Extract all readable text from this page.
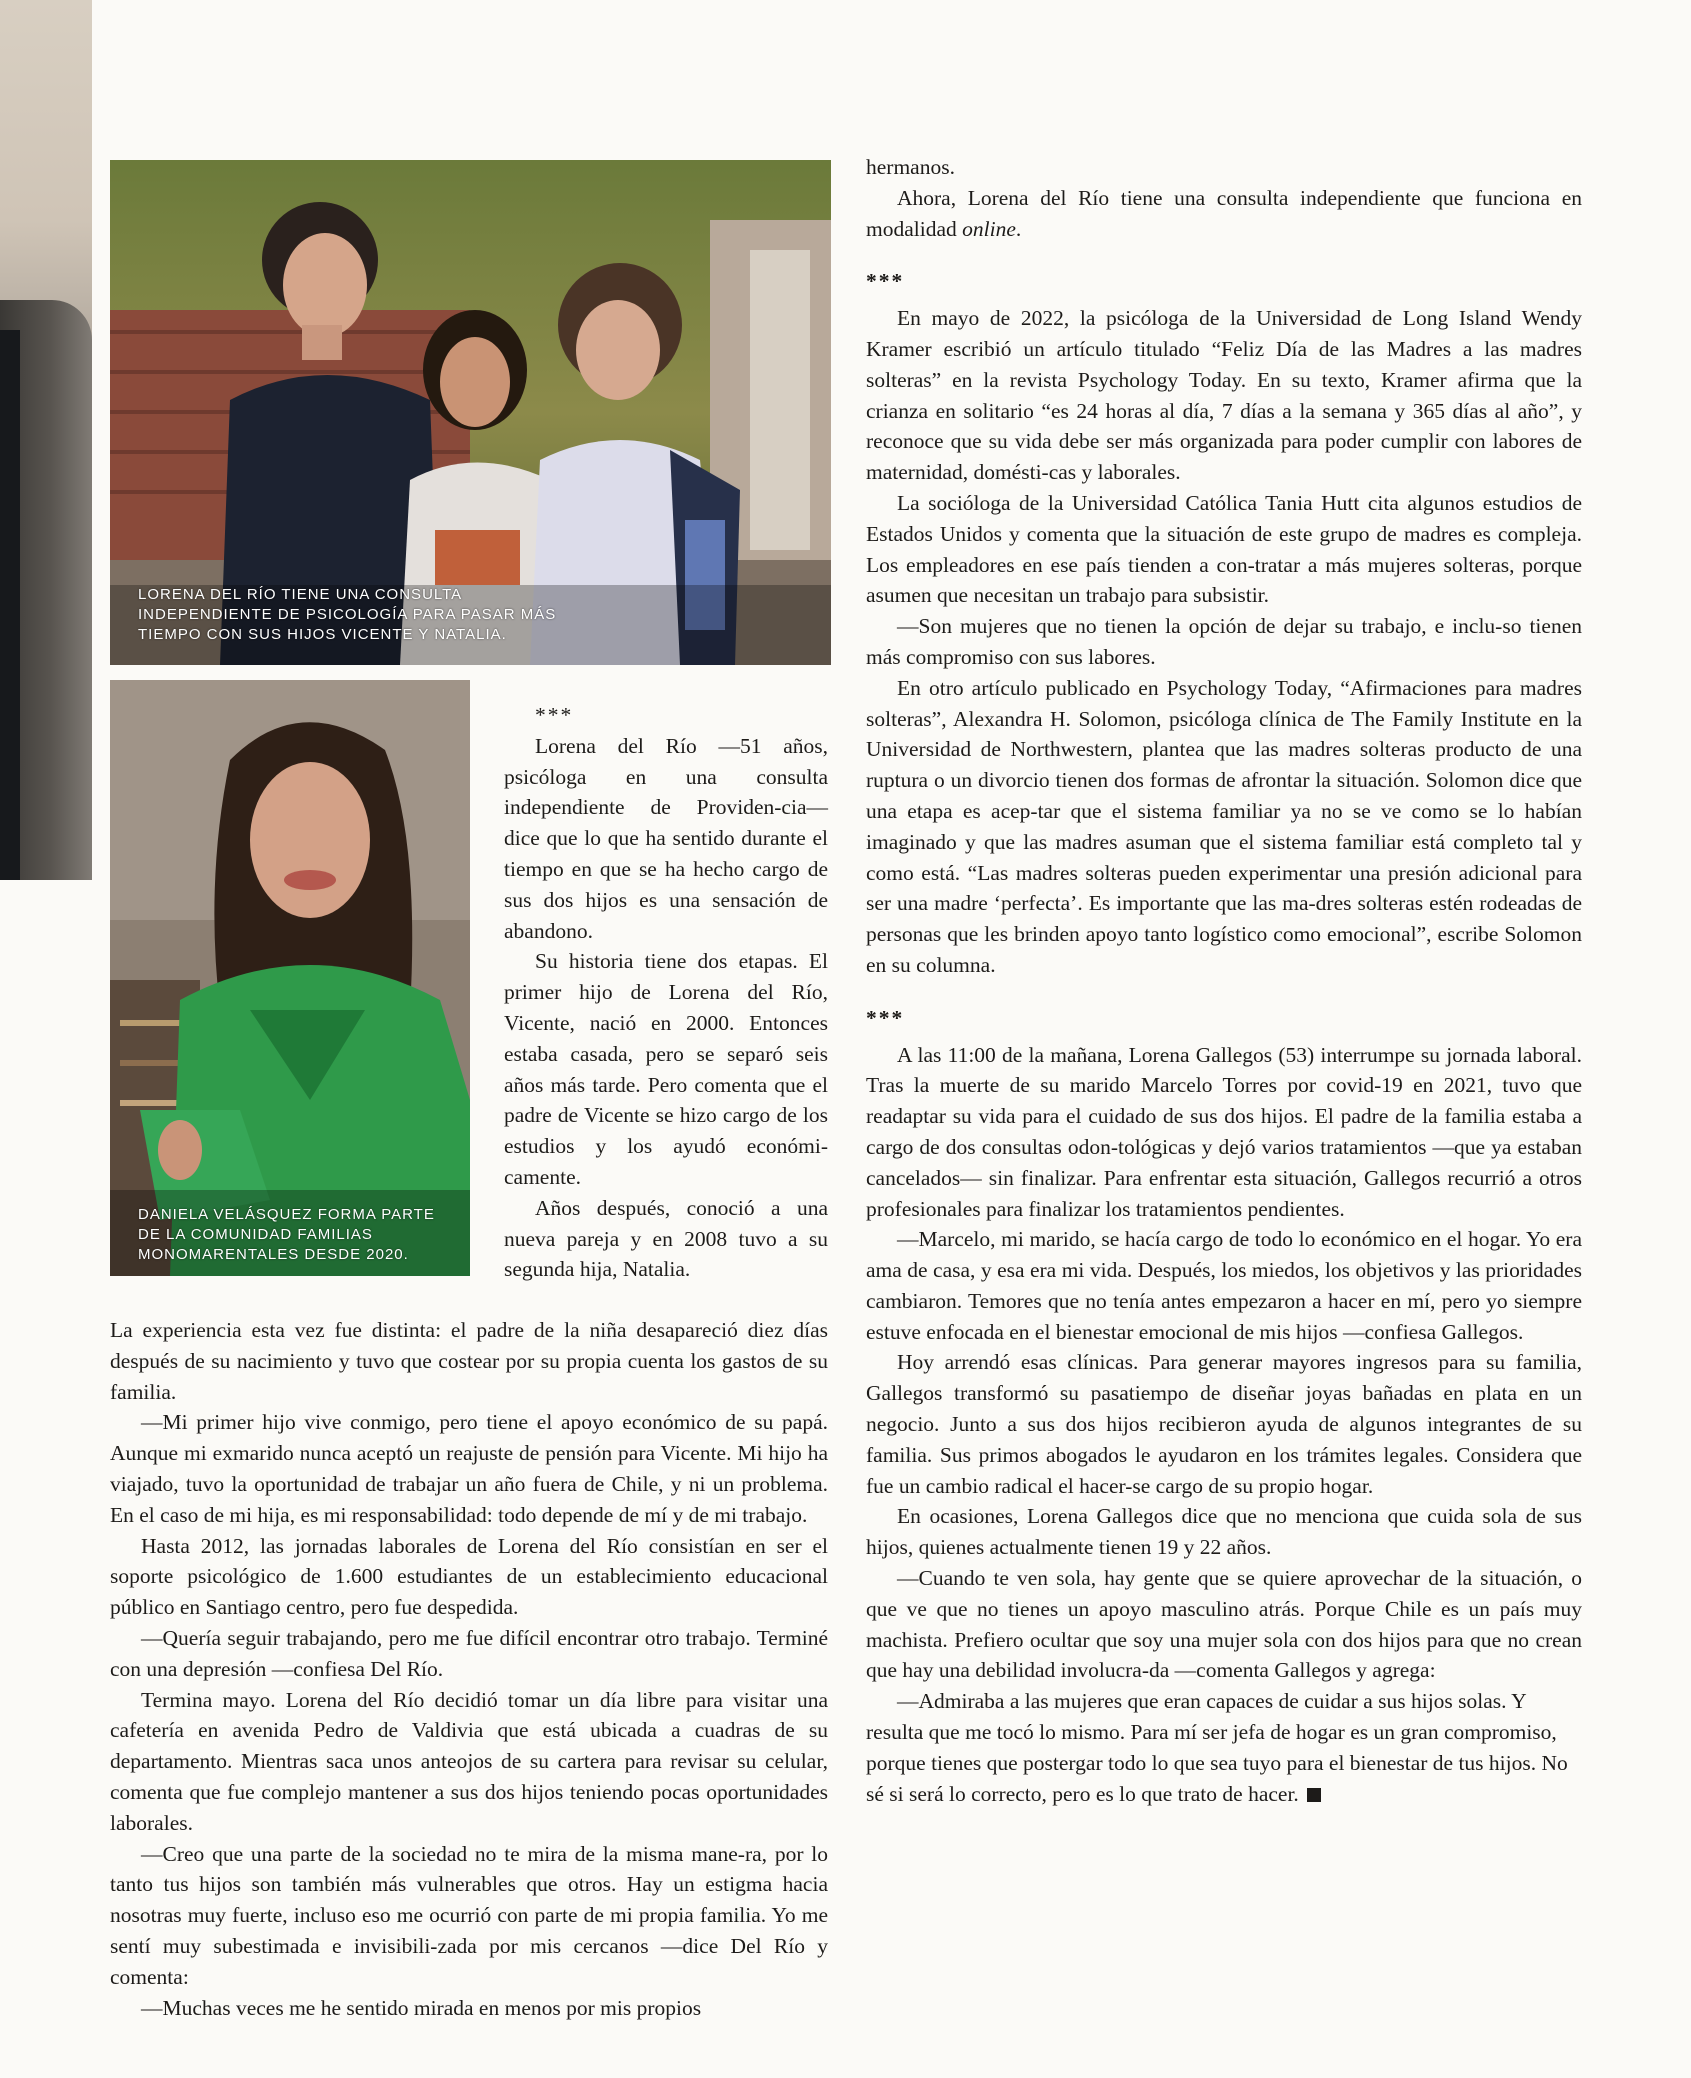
LORENA DEL RÍO TIENE UNA CONSULTA INDEPENDIENTE DE PSICOLOGÍA PARA PASAR MÁS TIEMPO CON SUS HIJOS VICENTE Y NATALIA.
DANIELA VELÁSQUEZ FORMA PARTE DE LA COMUNIDAD FAMILIAS MONOMARENTALES DESDE 2020.
***

Lorena del Río —51 años, psicóloga en una consulta independiente de Providen-cia— dice que lo que ha sentido durante el tiempo en que se ha hecho cargo de sus dos hijos es una sensación de abandono.

Su historia tiene dos etapas. El primer hijo de Lorena del Río, Vicente, nació en 2000. Entonces estaba casada, pero se separó seis años más tarde. Pero comenta que el padre de Vicente se hizo cargo de los estudios y los ayudó económi-camente.

Años después, conoció a una nueva pareja y en 2008 tuvo a su segunda hija, Natalia.

La experiencia esta vez fue distinta: el padre de la niña desapareció diez días después de su nacimiento y tuvo que costear por su propia cuenta los gastos de su familia.

—Mi primer hijo vive conmigo, pero tiene el apoyo económico de su papá. Aunque mi exmarido nunca aceptó un reajuste de pensión para Vicente. Mi hijo ha viajado, tuvo la oportunidad de trabajar un año fuera de Chile, y ni un problema. En el caso de mi hija, es mi responsabilidad: todo depende de mí y de mi trabajo.

Hasta 2012, las jornadas laborales de Lorena del Río consistían en ser el soporte psicológico de 1.600 estudiantes de un establecimiento educacional público en Santiago centro, pero fue despedida.

—Quería seguir trabajando, pero me fue difícil encontrar otro trabajo. Terminé con una depresión —confiesa Del Río.

Termina mayo. Lorena del Río decidió tomar un día libre para visitar una cafetería en avenida Pedro de Valdivia que está ubicada a cuadras de su departamento. Mientras saca unos anteojos de su cartera para revisar su celular, comenta que fue complejo mantener a sus dos hijos teniendo pocas oportunidades laborales.

—Creo que una parte de la sociedad no te mira de la misma mane-ra, por lo tanto tus hijos son también más vulnerables que otros. Hay un estigma hacia nosotras muy fuerte, incluso eso me ocurrió con parte de mi propia familia. Yo me sentí muy subestimada e invisibili-zada por mis cercanos —dice Del Río y comenta:

—Muchas veces me he sentido mirada en menos por mis propios

hermanos.

Ahora, Lorena del Río tiene una consulta independiente que funciona en modalidad online.

***

En mayo de 2022, la psicóloga de la Universidad de Long Island Wendy Kramer escribió un artículo titulado “Feliz Día de las Madres a las madres solteras” en la revista Psychology Today. En su texto, Kramer afirma que la crianza en solitario “es 24 horas al día, 7 días a la semana y 365 días al año”, y reconoce que su vida debe ser más organizada para poder cumplir con labores de maternidad, domésti-cas y laborales.

La socióloga de la Universidad Católica Tania Hutt cita algunos estudios de Estados Unidos y comenta que la situación de este grupo de madres es compleja. Los empleadores en ese país tienden a con-tratar a más mujeres solteras, porque asumen que necesitan un trabajo para subsistir.

—Son mujeres que no tienen la opción de dejar su trabajo, e inclu-so tienen más compromiso con sus labores.

En otro artículo publicado en Psychology Today, “Afirmaciones para madres solteras”, Alexandra H. Solomon, psicóloga clínica de The Family Institute en la Universidad de Northwestern, plantea que las madres solteras producto de una ruptura o un divorcio tienen dos formas de afrontar la situación. Solomon dice que una etapa es acep-tar que el sistema familiar ya no se ve como se lo habían imaginado y que las madres asuman que el sistema familiar está completo tal y como está. “Las madres solteras pueden experimentar una presión adicional para ser una madre ‘perfecta’. Es importante que las ma-dres solteras estén rodeadas de personas que les brinden apoyo tanto logístico como emocional”, escribe Solomon en su columna.

***

A las 11:00 de la mañana, Lorena Gallegos (53) interrumpe su jornada laboral. Tras la muerte de su marido Marcelo Torres por covid-19 en 2021, tuvo que readaptar su vida para el cuidado de sus dos hijos. El padre de la familia estaba a cargo de dos consultas odon-tológicas y dejó varios tratamientos —que ya estaban cancelados— sin finalizar. Para enfrentar esta situación, Gallegos recurrió a otros profesionales para finalizar los tratamientos pendientes.

—Marcelo, mi marido, se hacía cargo de todo lo económico en el hogar. Yo era ama de casa, y esa era mi vida. Después, los miedos, los objetivos y las prioridades cambiaron. Temores que no tenía antes empezaron a hacer en mí, pero yo siempre estuve enfocada en el bienestar emocional de mis hijos —confiesa Gallegos.

Hoy arrendó esas clínicas. Para generar mayores ingresos para su familia, Gallegos transformó su pasatiempo de diseñar joyas bañadas en plata en un negocio. Junto a sus dos hijos recibieron ayuda de algunos integrantes de su familia. Sus primos abogados le ayudaron en los trámites legales. Considera que fue un cambio radical el hacer-se cargo de su propio hogar.

En ocasiones, Lorena Gallegos dice que no menciona que cuida sola de sus hijos, quienes actualmente tienen 19 y 22 años.

—Cuando te ven sola, hay gente que se quiere aprovechar de la situación, o que ve que no tienes un apoyo masculino atrás. Porque Chile es un país muy machista. Prefiero ocultar que soy una mujer sola con dos hijos para que no crean que hay una debilidad involucra-da —comenta Gallegos y agrega:

—Admiraba a las mujeres que eran capaces de cuidar a sus hijos solas. Y resulta que me tocó lo mismo. Para mí ser jefa de hogar es un gran compromiso, porque tienes que postergar todo lo que sea tuyo para el bienestar de tus hijos. No sé si será lo correcto, pero es lo que trato de hacer.
